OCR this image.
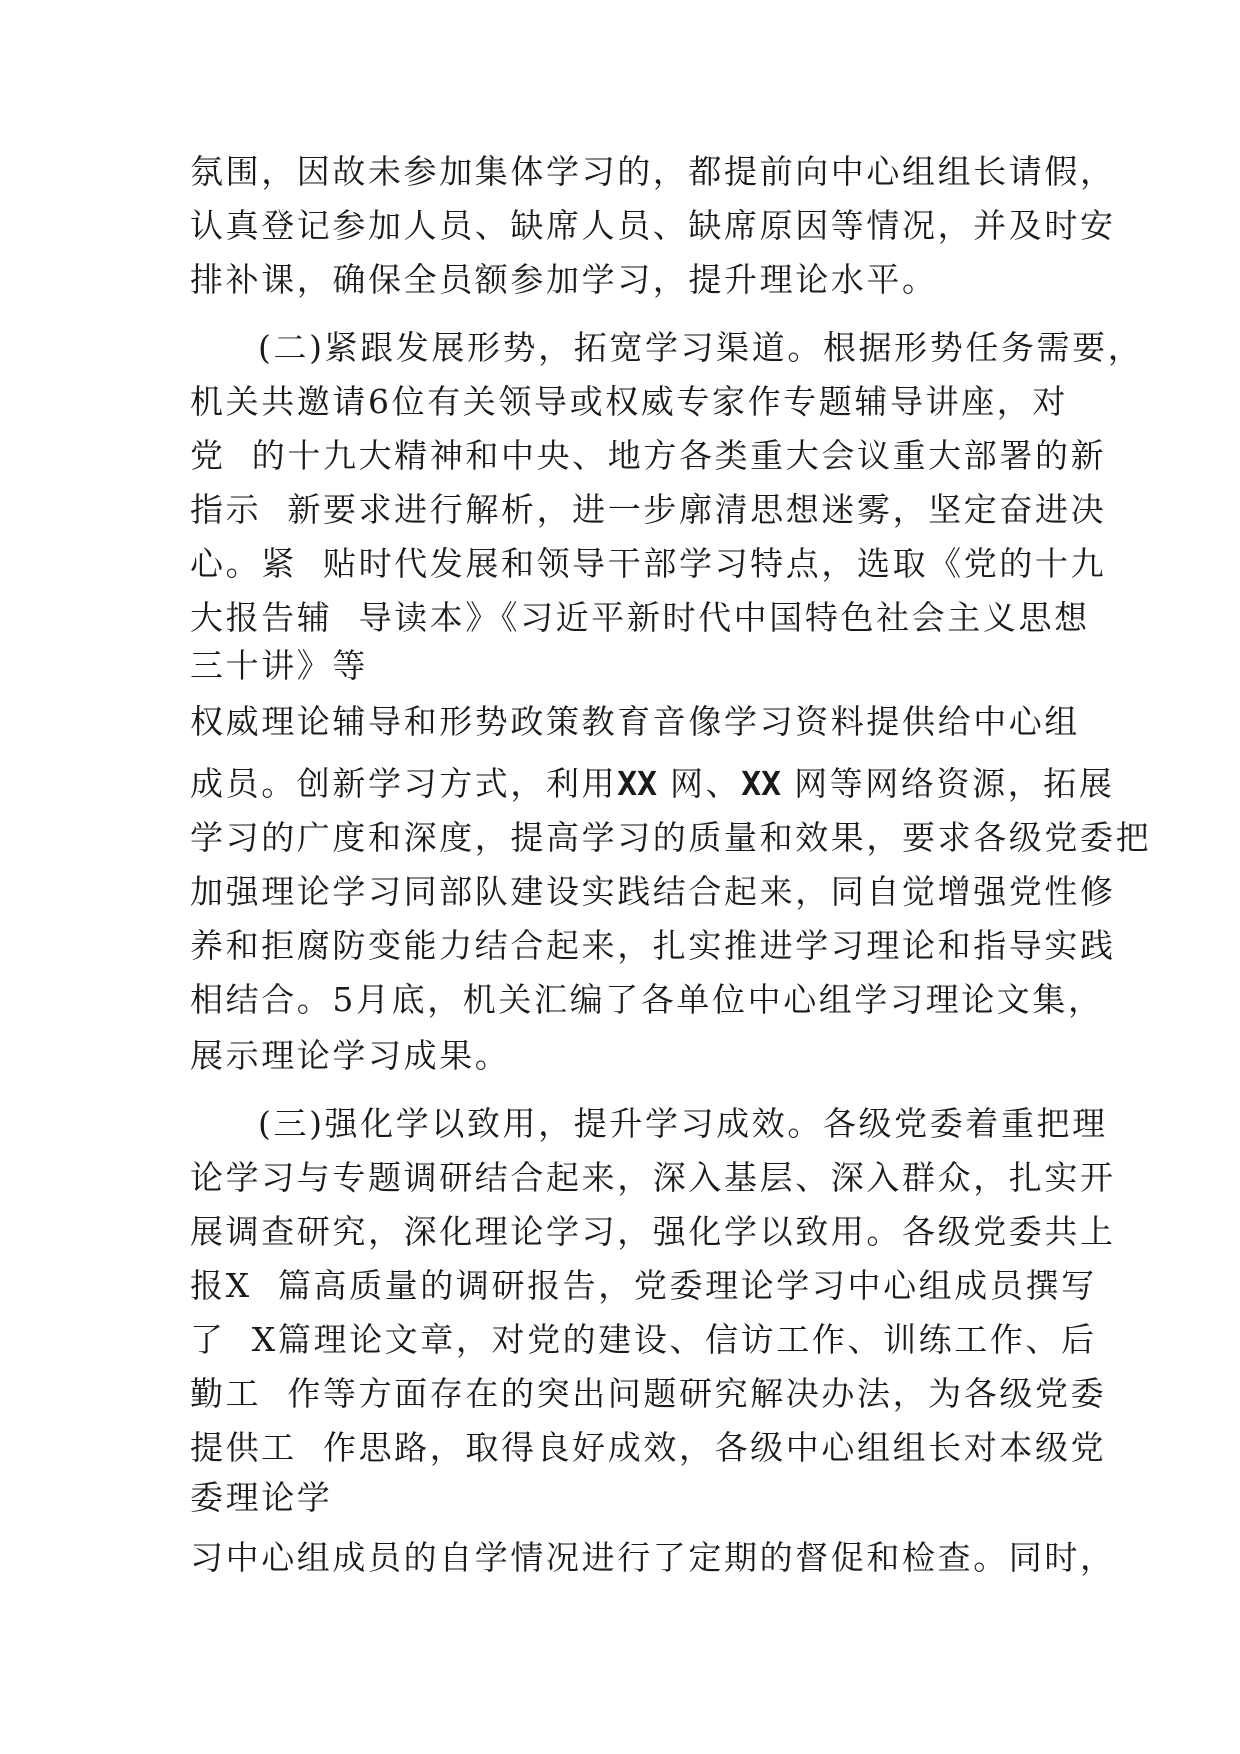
氛围，因故未参加集体学习的，都提前向中心组组长请假，
认真登记参加人员、缺席人员、缺席原因等情况，并及时安
排补课，确保全员额参加学习，提升理论水平。
(二)紧跟发展形势，拓宽学习渠道。根据形势任务需要，
机关共邀请6位有关领导或权威专家作专题辅导讲座，对
党  的十九大精神和中央、地方各类重大会议重大部署的新
指示  新要求进行解析，进一步廓清思想迷雾，坚定奋进决
心。紧  贴时代发展和领导干部学习特点，选取《党的十九
大报告辅  导读本》《习近平新时代中国特色社会主义思想
三十讲》等
权威理论辅导和形势政策教育音像学习资料提供给中心组
成员。创新学习方式，利用XX 网、XX 网等网络资源，拓展
学习的广度和深度，提高学习的质量和效果，要求各级党委把
加强理论学习同部队建设实践结合起来，同自觉增强党性修
养和拒腐防变能力结合起来，扎实推进学习理论和指导实践
相结合。5月底，机关汇编了各单位中心组学习理论文集，
展示理论学习成果。
(三)强化学以致用，提升学习成效。各级党委着重把理
论学习与专题调研结合起来，深入基层、深入群众，扎实开
展调查研究，深化理论学习，强化学以致用。各级党委共上
报X  篇高质量的调研报告，党委理论学习中心组成员撰写
了  X篇理论文章，对党的建设、信访工作、训练工作、后
勤工  作等方面存在的突出问题研究解决办法，为各级党委
提供工  作思路，取得良好成效，各级中心组组长对本级党
委理论学
习中心组成员的自学情况进行了定期的督促和检查。同时，
